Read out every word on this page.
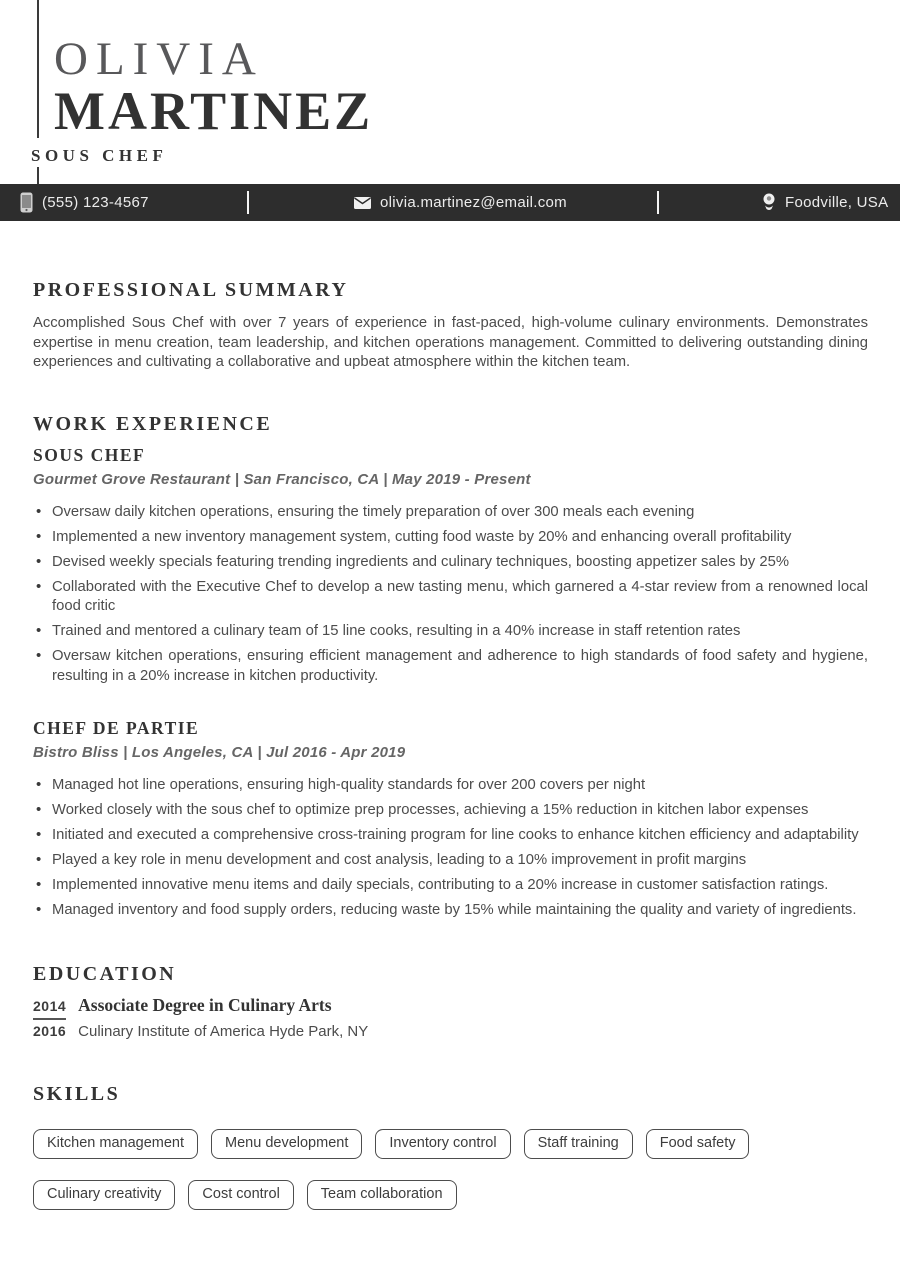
OLIVIA
MARTINEZ
SOUS CHEF
(555) 123-4567	olivia.martinez@email.com	Foodville, USA
PROFESSIONAL SUMMARY

Accomplished Sous Chef with over 7 years of experience in fast-paced, high-volume culinary environments. Demonstrates expertise in menu creation, team leadership, and kitchen operations management. Committed to delivering outstanding dining experiences and cultivating a collaborative and upbeat atmosphere within the kitchen team.

WORK EXPERIENCE
SOUS CHEF
Gourmet Grove Restaurant | San Francisco, CA | May 2019 - Present
• Oversaw daily kitchen operations, ensuring the timely preparation of over 300 meals each evening
• Implemented a new inventory management system, cutting food waste by 20% and enhancing overall profitability
• Devised weekly specials featuring trending ingredients and culinary techniques, boosting appetizer sales by 25%
• Collaborated with the Executive Chef to develop a new tasting menu, which garnered a 4-star review from a renowned local food critic
• Trained and mentored a culinary team of 15 line cooks, resulting in a 40% increase in staff retention rates
• Oversaw kitchen operations, ensuring efficient management and adherence to high standards of food safety and hygiene, resulting in a 20% increase in kitchen productivity.
CHEF DE PARTIE
Bistro Bliss | Los Angeles, CA | Jul 2016 - Apr 2019
• Managed hot line operations, ensuring high-quality standards for over 200 covers per night
• Worked closely with the sous chef to optimize prep processes, achieving a 15% reduction in kitchen labor expenses
• Initiated and executed a comprehensive cross-training program for line cooks to enhance kitchen efficiency and adaptability
• Played a key role in menu development and cost analysis, leading to a 10% improvement in profit margins
• Implemented innovative menu items and daily specials, contributing to a 20% increase in customer satisfaction ratings.
• Managed inventory and food supply orders, reducing waste by 15% while maintaining the quality and variety of ingredients.
EDUCATION
2014 Associate Degree in Culinary Arts
2016 Culinary Institute of America Hyde Park, NY
SKILLS
Kitchen management	Menu development	Inventory control	Staff training	Food safety
Culinary creativity	Cost control	Team collaboration
